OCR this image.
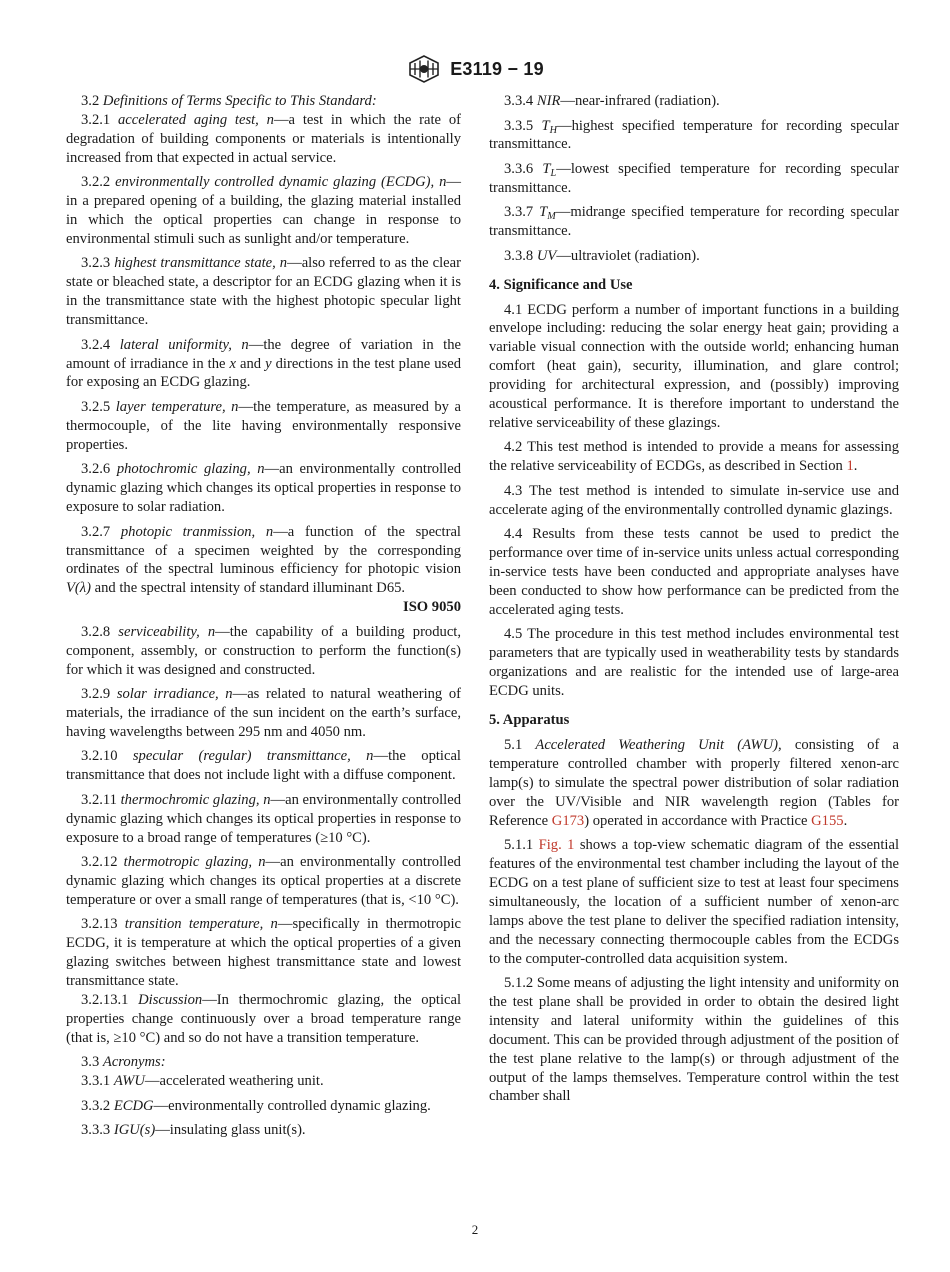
E3119 − 19

3.2 Definitions of Terms Specific to This Standard:

3.2.1 accelerated aging test, n—a test in which the rate of degradation of building components or materials is intentionally increased from that expected in actual service.

3.2.2 environmentally controlled dynamic glazing (ECDG), n—in a prepared opening of a building, the glazing material installed in which the optical properties can change in response to environmental stimuli such as sunlight and/or temperature.

3.2.3 highest transmittance state, n—also referred to as the clear state or bleached state, a descriptor for an ECDG glazing when it is in the transmittance state with the highest photopic specular light transmittance.

3.2.4 lateral uniformity, n—the degree of variation in the amount of irradiance in the x and y directions in the test plane used for exposing an ECDG glazing.

3.2.5 layer temperature, n—the temperature, as measured by a thermocouple, of the lite having environmentally responsive properties.

3.2.6 photochromic glazing, n—an environmentally controlled dynamic glazing which changes its optical properties in response to exposure to solar radiation.

3.2.7 photopic tranmission, n—a function of the spectral transmittance of a specimen weighted by the corresponding ordinates of the spectral luminous efficiency for photopic vision V(λ) and the spectral intensity of standard illuminant D65.
ISO 9050

3.2.8 serviceability, n—the capability of a building product, component, assembly, or construction to perform the function(s) for which it was designed and constructed.

3.2.9 solar irradiance, n—as related to natural weathering of materials, the irradiance of the sun incident on the earth’s surface, having wavelengths between 295 nm and 4050 nm.

3.2.10 specular (regular) transmittance, n—the optical transmittance that does not include light with a diffuse component.

3.2.11 thermochromic glazing, n—an environmentally controlled dynamic glazing which changes its optical properties in response to exposure to a broad range of temperatures (≥10 °C).

3.2.12 thermotropic glazing, n—an environmentally controlled dynamic glazing which changes its optical properties at a discrete temperature or over a small range of temperatures (that is, <10 °C).

3.2.13 transition temperature, n—specifically in thermotropic ECDG, it is temperature at which the optical properties of a given glazing switches between highest transmittance state and lowest transmittance state.

3.2.13.1 Discussion—In thermochromic glazing, the optical properties change continuously over a broad temperature range (that is, ≥10 °C) and so do not have a transition temperature.

3.3 Acronyms:

3.3.1 AWU—accelerated weathering unit.

3.3.2 ECDG—environmentally controlled dynamic glazing.

3.3.3 IGU(s)—insulating glass unit(s).

3.3.4 NIR—near-infrared (radiation).

3.3.5 $T_H—highest$ specified temperature for recording specular transmittance.

3.3.6 $T_L—lowest$ specified temperature for recording specular transmittance.

3.3.7 $T_M—midrange$ specified temperature for recording specular transmittance.

3.3.8 UV—ultraviolet (radiation).

4. Significance and Use

4.1 ECDG perform a number of important functions in a building envelope including: reducing the solar energy heat gain; providing a variable visual connection with the outside world; enhancing human comfort (heat gain), security, illumination, and glare control; providing for architectural expression, and (possibly) improving acoustical performance. It is therefore important to understand the relative serviceability of these glazings.

4.2 This test method is intended to provide a means for assessing the relative serviceability of ECDGs, as described in Section 1.

4.3 The test method is intended to simulate in-service use and accelerate aging of the environmentally controlled dynamic glazings.

4.4 Results from these tests cannot be used to predict the performance over time of in-service units unless actual corresponding in-service tests have been conducted and appropriate analyses have been conducted to show how performance can be predicted from the accelerated aging tests.

4.5 The procedure in this test method includes environmental test parameters that are typically used in weatherability tests by standards organizations and are realistic for the intended use of large-area ECDG units.

5. Apparatus

5.1 Accelerated Weathering Unit (AWU), consisting of a temperature controlled chamber with properly filtered xenon-arc lamp(s) to simulate the spectral power distribution of solar radiation over the UV/Visible and NIR wavelength region (Tables for Reference G173) operated in accordance with Practice G155.

5.1.1 Fig. 1 shows a top-view schematic diagram of the essential features of the environmental test chamber including the layout of the ECDG on a test plane of sufficient size to test at least four specimens simultaneously, the location of a sufficient number of xenon-arc lamps above the test plane to deliver the specified radiation intensity, and the necessary connecting thermocouple cables from the ECDGs to the computer-controlled data acquisition system.

5.1.2 Some means of adjusting the light intensity and uniformity on the test plane shall be provided in order to obtain the desired light intensity and lateral uniformity within the guidelines of this document. This can be provided through adjustment of the position of the test plane relative to the lamp(s) or through adjustment of the output of the lamps themselves. Temperature control within the test chamber shall

2
